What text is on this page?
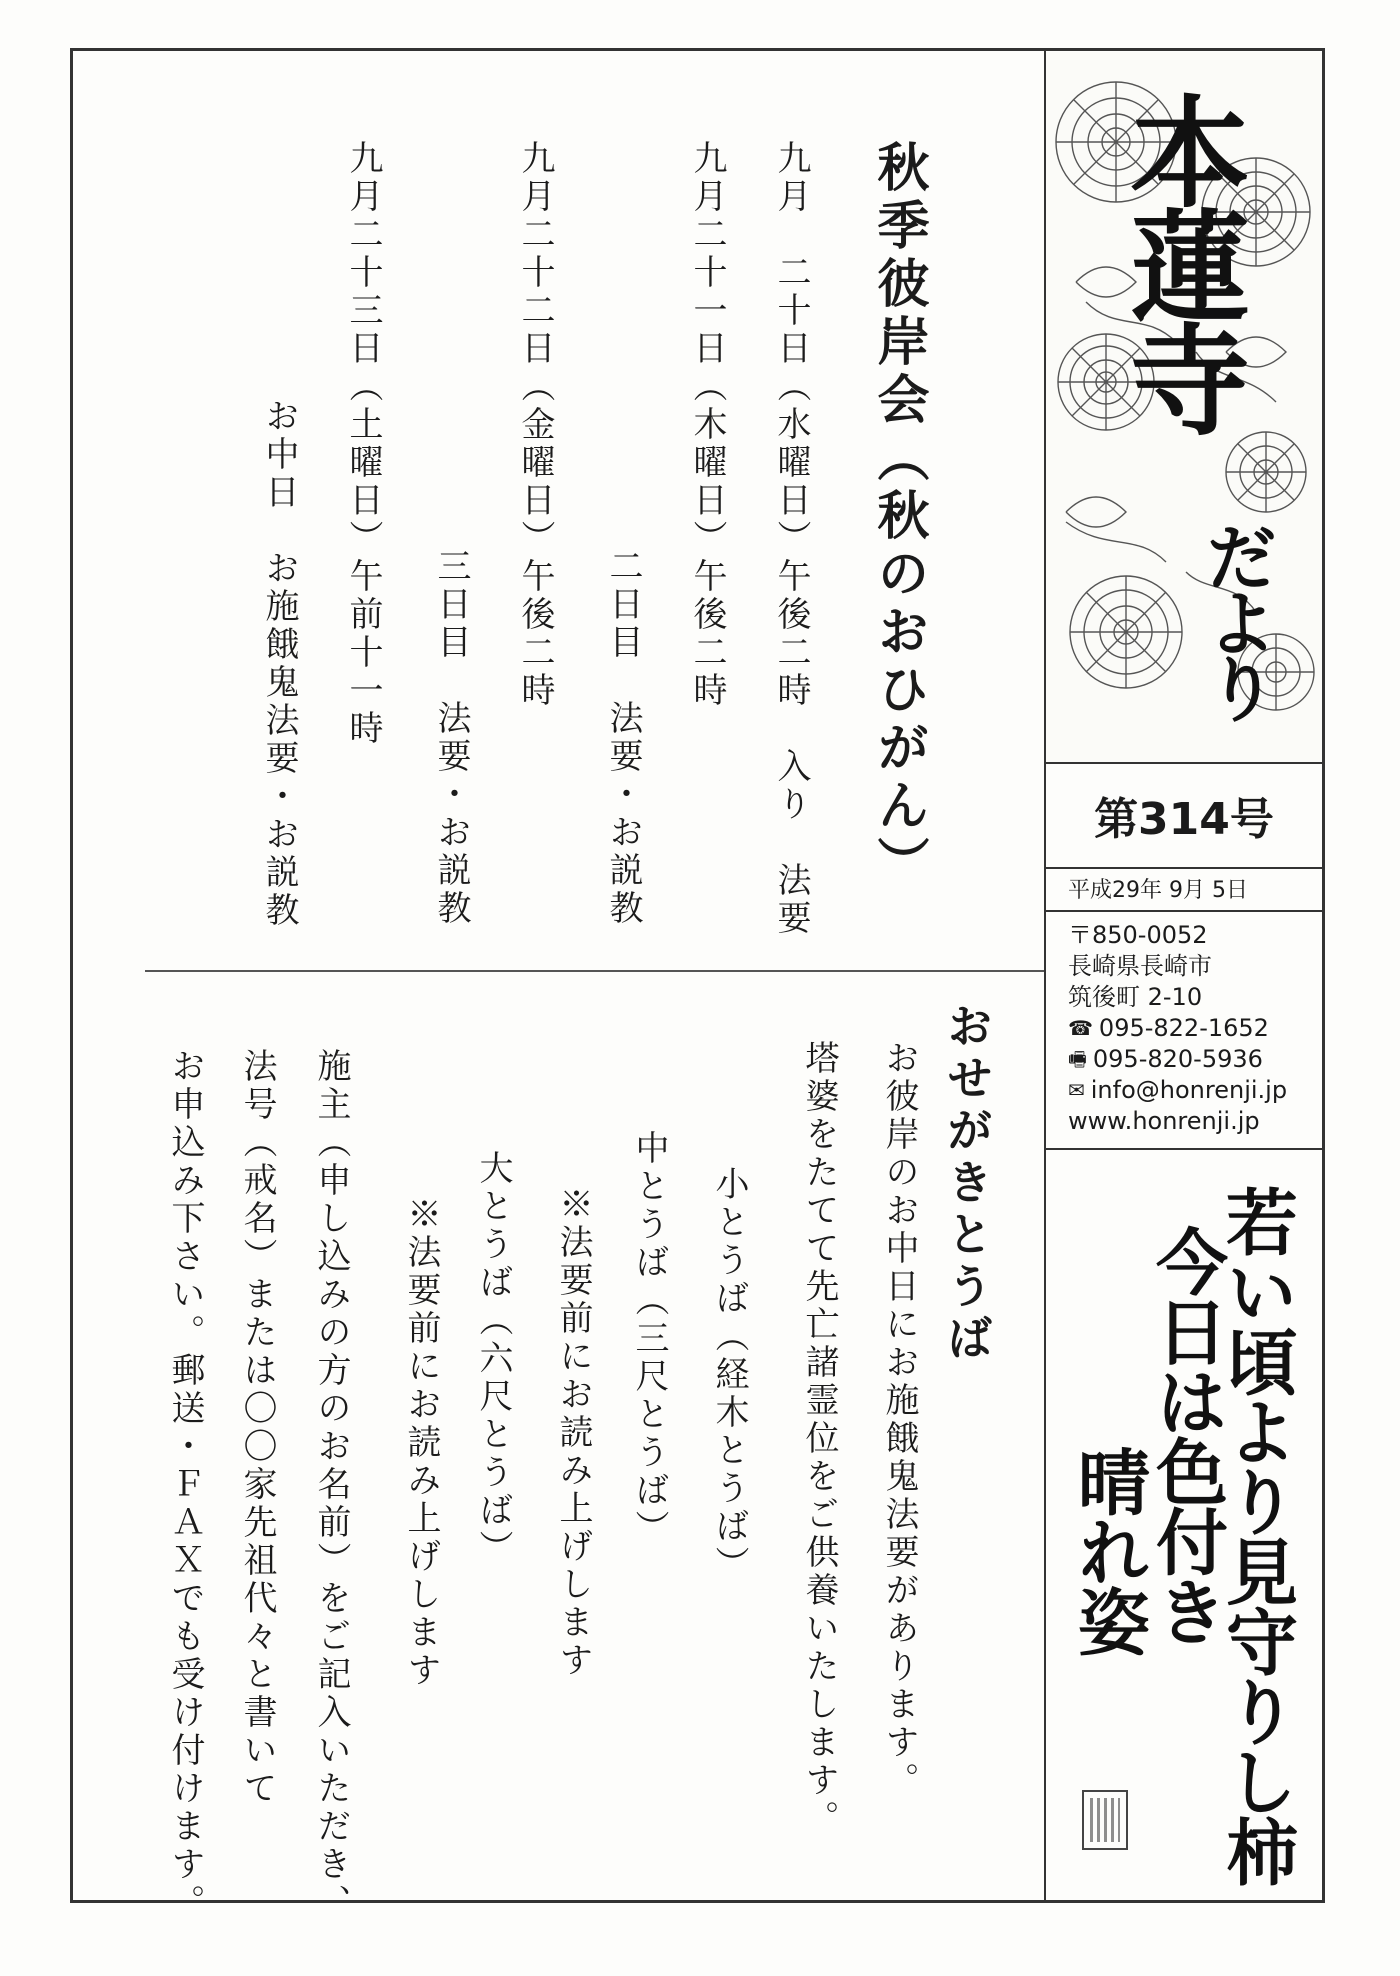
秋季彼岸会（秋のおひがん）
九月　二十日（水曜日）午後二時　入り　法要
九月二十一日（木曜日）午後二時
二日目　法要・お説教
九月二十二日（金曜日）午後二時
三日目　法要・お説教
九月二十三日（土曜日）午前十一時
お中日　お施餓鬼法要・お説教
おせがきとうば
お彼岸のお中日にお施餓鬼法要があります。
塔婆をたてて先亡諸霊位をご供養いたします。
小とうば（経木とうば）
中とうば（三尺とうば）
※法要前にお読み上げします
大とうば（六尺とうば）
※法要前にお読み上げします
施主（申し込みの方のお名前）をご記入いただき、
法号（戒名）または〇〇家先祖代々と書いて
お申込み下さい。郵送・ＦＡＸでも受け付けます。
本蓮寺
だより
第314号
平成29年 9月 5日
〒850-0052
長崎県長崎市
筑後町 2-10
☎ 095-822-1652
🖷 095-820-5936
✉ info@honrenji.jp
www.honrenji.jp
若い頃より見守りし柿
今日は色付き
晴れ姿
